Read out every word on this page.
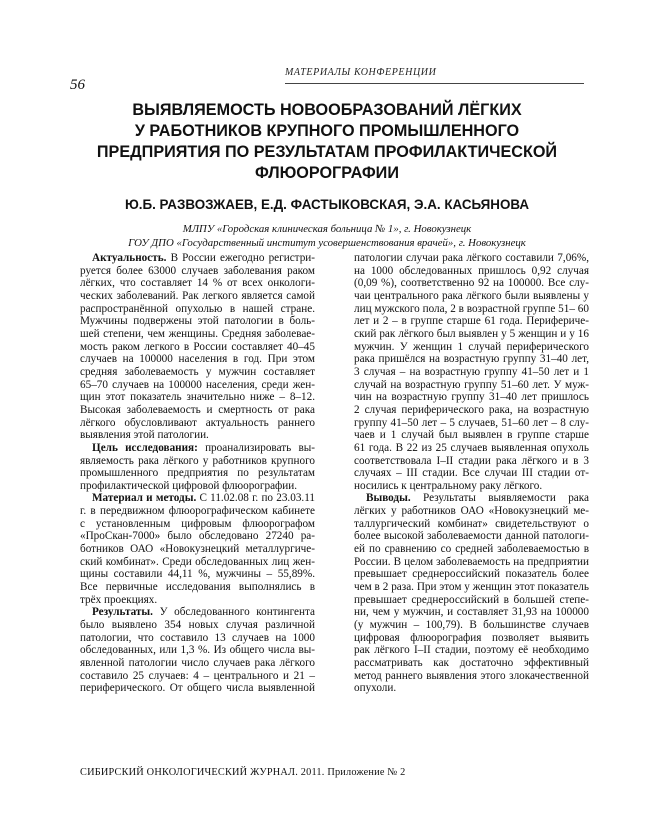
МАТЕРИАЛЫ КОНФЕРЕНЦИИ
56
ВЫЯВЛЯЕМОСТЬ НОВООБРАЗОВАНИЙ ЛЁГКИХ
У РАБОТНИКОВ КРУПНОГО ПРОМЫШЛЕННОГО
ПРЕДПРИЯТИЯ ПО РЕЗУЛЬТАТАМ ПРОФИЛАКТИЧЕСКОЙ
ФЛЮОРОГРАФИИ
Ю.Б. РАЗВОЗЖАЕВ, Е.Д. ФАСТЫКОВСКАЯ, Э.А. КАСЬЯНОВА
МЛПУ «Городская клиническая больница № 1», г. Новокузнецк
ГОУ ДПО «Государственный институт усовершенствования врачей», г. Новокузнецк

Актуальность. В России ежегодно регистри-

руется более 63000 случаев заболевания раком

лёгких, что составляет 14 % от всех онкологи-

ческих заболеваний. Рак легкого является самой

распространённой опухолью в нашей стране.

Мужчины подвержены этой патологии в боль-

шей степени, чем женщины. Средняя заболевае-

мость раком легкого в России составляет 40–45

случаев на 100000 населения в год. При этом

средняя заболеваемость у мужчин составляет

65–70 случаев на 100000 населения, среди жен-

щин этот показатель значительно ниже – 8–12.

Высокая заболеваемость и смертность от рака

лёгкого обусловливают актуальность раннего

выявления этой патологии.

Цель исследования: проанализировать вы-

являемость рака лёгкого у работников крупного

промышленного предприятия по результатам

профилактической цифровой флюорографии.

Материал и методы. С 11.02.08 г. по 23.03.11

г. в передвижном флюорографическом кабинете

с установленным цифровым флюорографом

«ПроСкан-7000» было обследовано 27240 ра-

ботников ОАО «Новокузнецкий металлургиче-

ский комбинат». Среди обследованных лиц жен-

щины составили 44,11 %, мужчины – 55,89%.

Все первичные исследования выполнялись в

трёх проекциях.

Результаты. У обследованного контингента

было выявлено 354 новых случая различной

патологии, что составило 13 случаев на 1000

обследованных, или 1,3 %. Из общего числа вы-

явленной патологии число случаев рака лёгкого

составило 25 случаев: 4 – центрального и 21 –

периферического. От общего числа выявленной

патологии случаи рака лёгкого составили 7,06%,

на 1000 обследованных пришлось 0,92 случая

(0,09 %), соответственно 92 на 100000. Все слу-

чаи центрального рака лёгкого были выявлены у

лиц мужского пола, 2 в возрастной группе 51– 60

лет и 2 – в группе старше 61 года. Перифериче-

ский рак лёгкого был выявлен у 5 женщин и у 16

мужчин. У женщин 1 случай периферического

рака пришёлся на возрастную группу 31–40 лет,

3 случая – на возрастную группу 41–50 лет и 1

случай на возрастную группу 51–60 лет. У муж-

чин на возрастную группу 31–40 лет пришлось

2 случая периферического рака, на возрастную

группу 41–50 лет – 5 случаев, 51–60 лет – 8 слу-

чаев и 1 случай был выявлен в группе старше

61 года. В 22 из 25 случаев выявленная опухоль

соответствовала I–II стадии рака лёгкого и в 3

случаях – III стадии. Все случаи III стадии от-

носились к центральному раку лёгкого.

Выводы. Результаты выявляемости рака

лёгких у работников ОАО «Новокузнецкий ме-

таллургический комбинат» свидетельствуют о

более высокой заболеваемости данной патологи-

ей по сравнению со средней заболеваемостью в

России. В целом заболеваемость на предприятии

превышает среднероссийский показатель более

чем в 2 раза. При этом у женщин этот показатель

превышает среднероссийский в большей степе-

ни, чем у мужчин, и составляет 31,93 на 100000

(у мужчин – 100,79). В большинстве случаев

цифровая флюорография позволяет выявить

рак лёгкого I–II стадии, поэтому её необходимо

рассматривать как достаточно эффективный

метод раннего выявления этого злокачественной

опухоли.

СИБИРСКИЙ ОНКОЛОГИЧЕСКИЙ ЖУРНАЛ. 2011. Приложение № 2
